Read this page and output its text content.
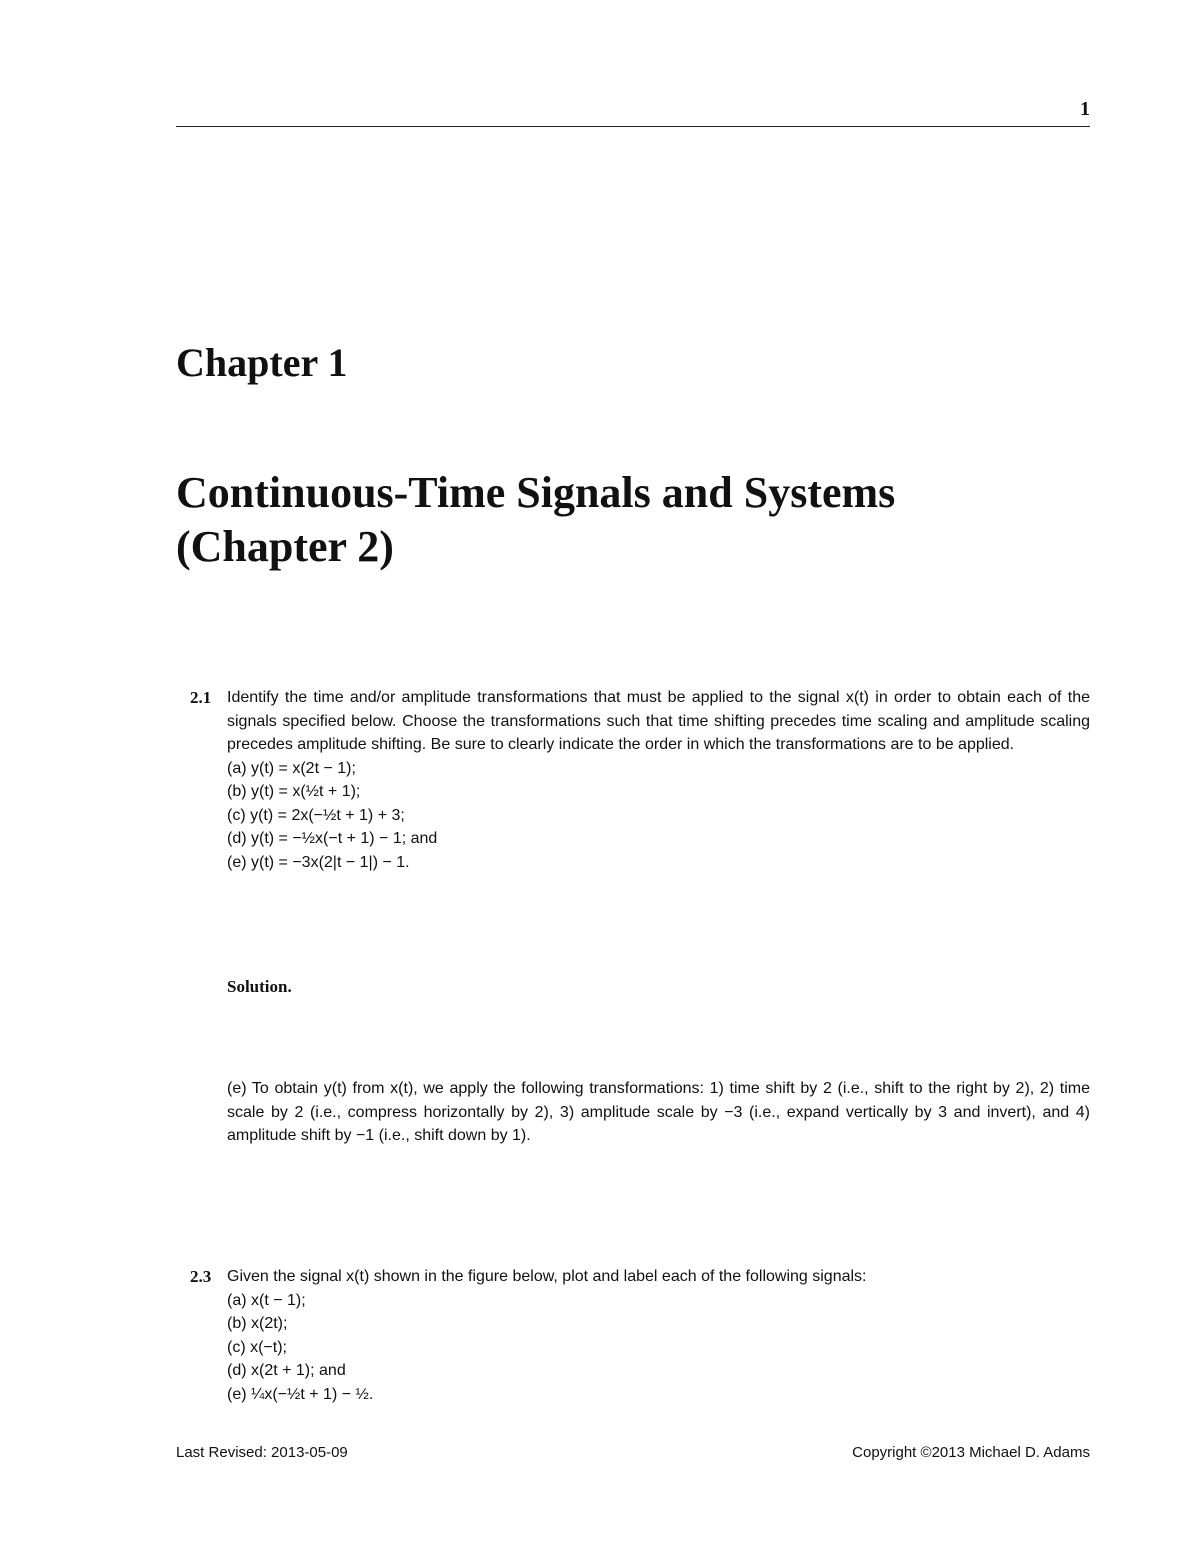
1
Chapter 1
Continuous-Time Signals and Systems
(Chapter 2)
2.1 Identify the time and/or amplitude transformations that must be applied to the signal x(t) in order to obtain each of the signals specified below. Choose the transformations such that time shifting precedes time scaling and amplitude scaling precedes amplitude shifting. Be sure to clearly indicate the order in which the transformations are to be applied.
(a) y(t) = x(2t − 1);
(b) y(t) = x(½t + 1);
(c) y(t) = 2x(−½t + 1) + 3;
(d) y(t) = −½x(−t + 1) − 1; and
(e) y(t) = −3x(2|t − 1|) − 1.
Solution.

(e) To obtain y(t) from x(t), we apply the following transformations: 1) time shift by 2 (i.e., shift to the right by 2), 2) time scale by 2 (i.e., compress horizontally by 2), 3) amplitude scale by −3 (i.e., expand vertically by 3 and invert), and 4) amplitude shift by −1 (i.e., shift down by 1).

2.3 Given the signal x(t) shown in the figure below, plot and label each of the following signals:
(a) x(t − 1);
(b) x(2t);
(c) x(−t);
(d) x(2t + 1); and
(e) ¼x(−½t + 1) − ½.
Last Revised: 2013-05-09	Copyright ©2013 Michael D. Adams
